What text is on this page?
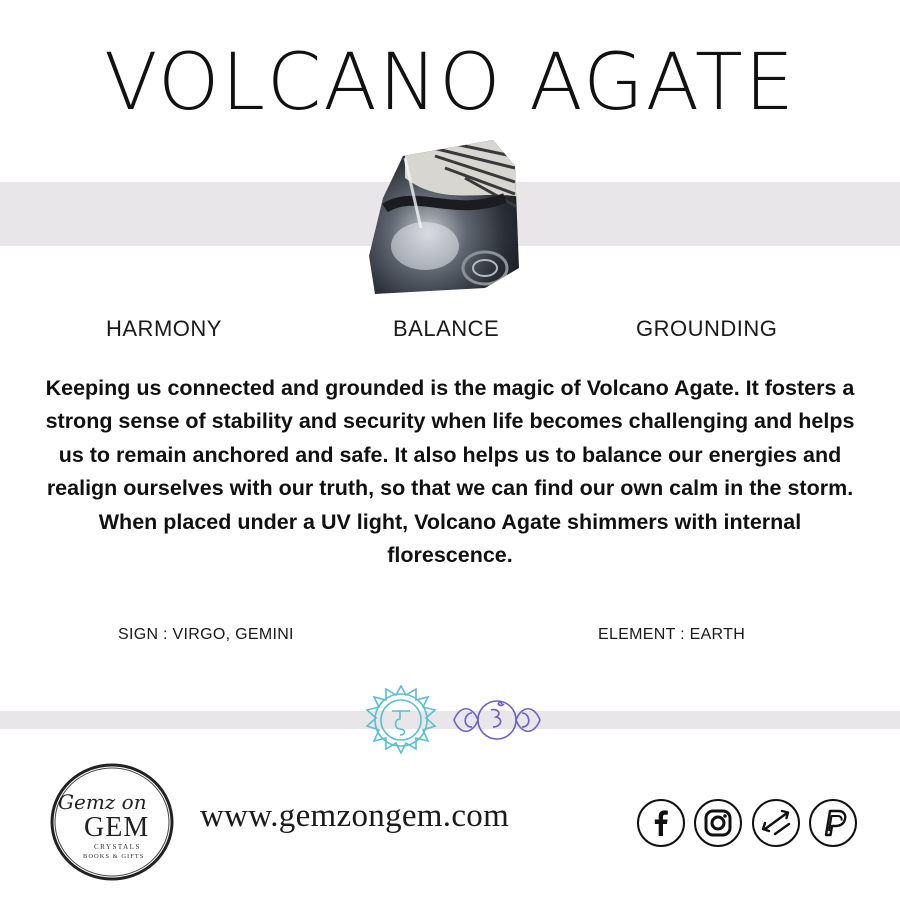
VOLCANO AGATE
HARMONY	BALANCE	GROUNDING
Keeping us connected and grounded is the magic of Volcano Agate. It fosters a strong sense of stability and security when life becomes challenging and helps us to remain anchored and safe. It also helps us to balance our energies and realign ourselves with our truth, so that we can find our own calm in the storm. When placed under a UV light, Volcano Agate shimmers with internal florescence.
SIGN : VIRGO, GEMINI	ELEMENT : EARTH
Gemz on
GEM
CRYSTALS
BOOKS & GIFTS
www.gemzongem.com
